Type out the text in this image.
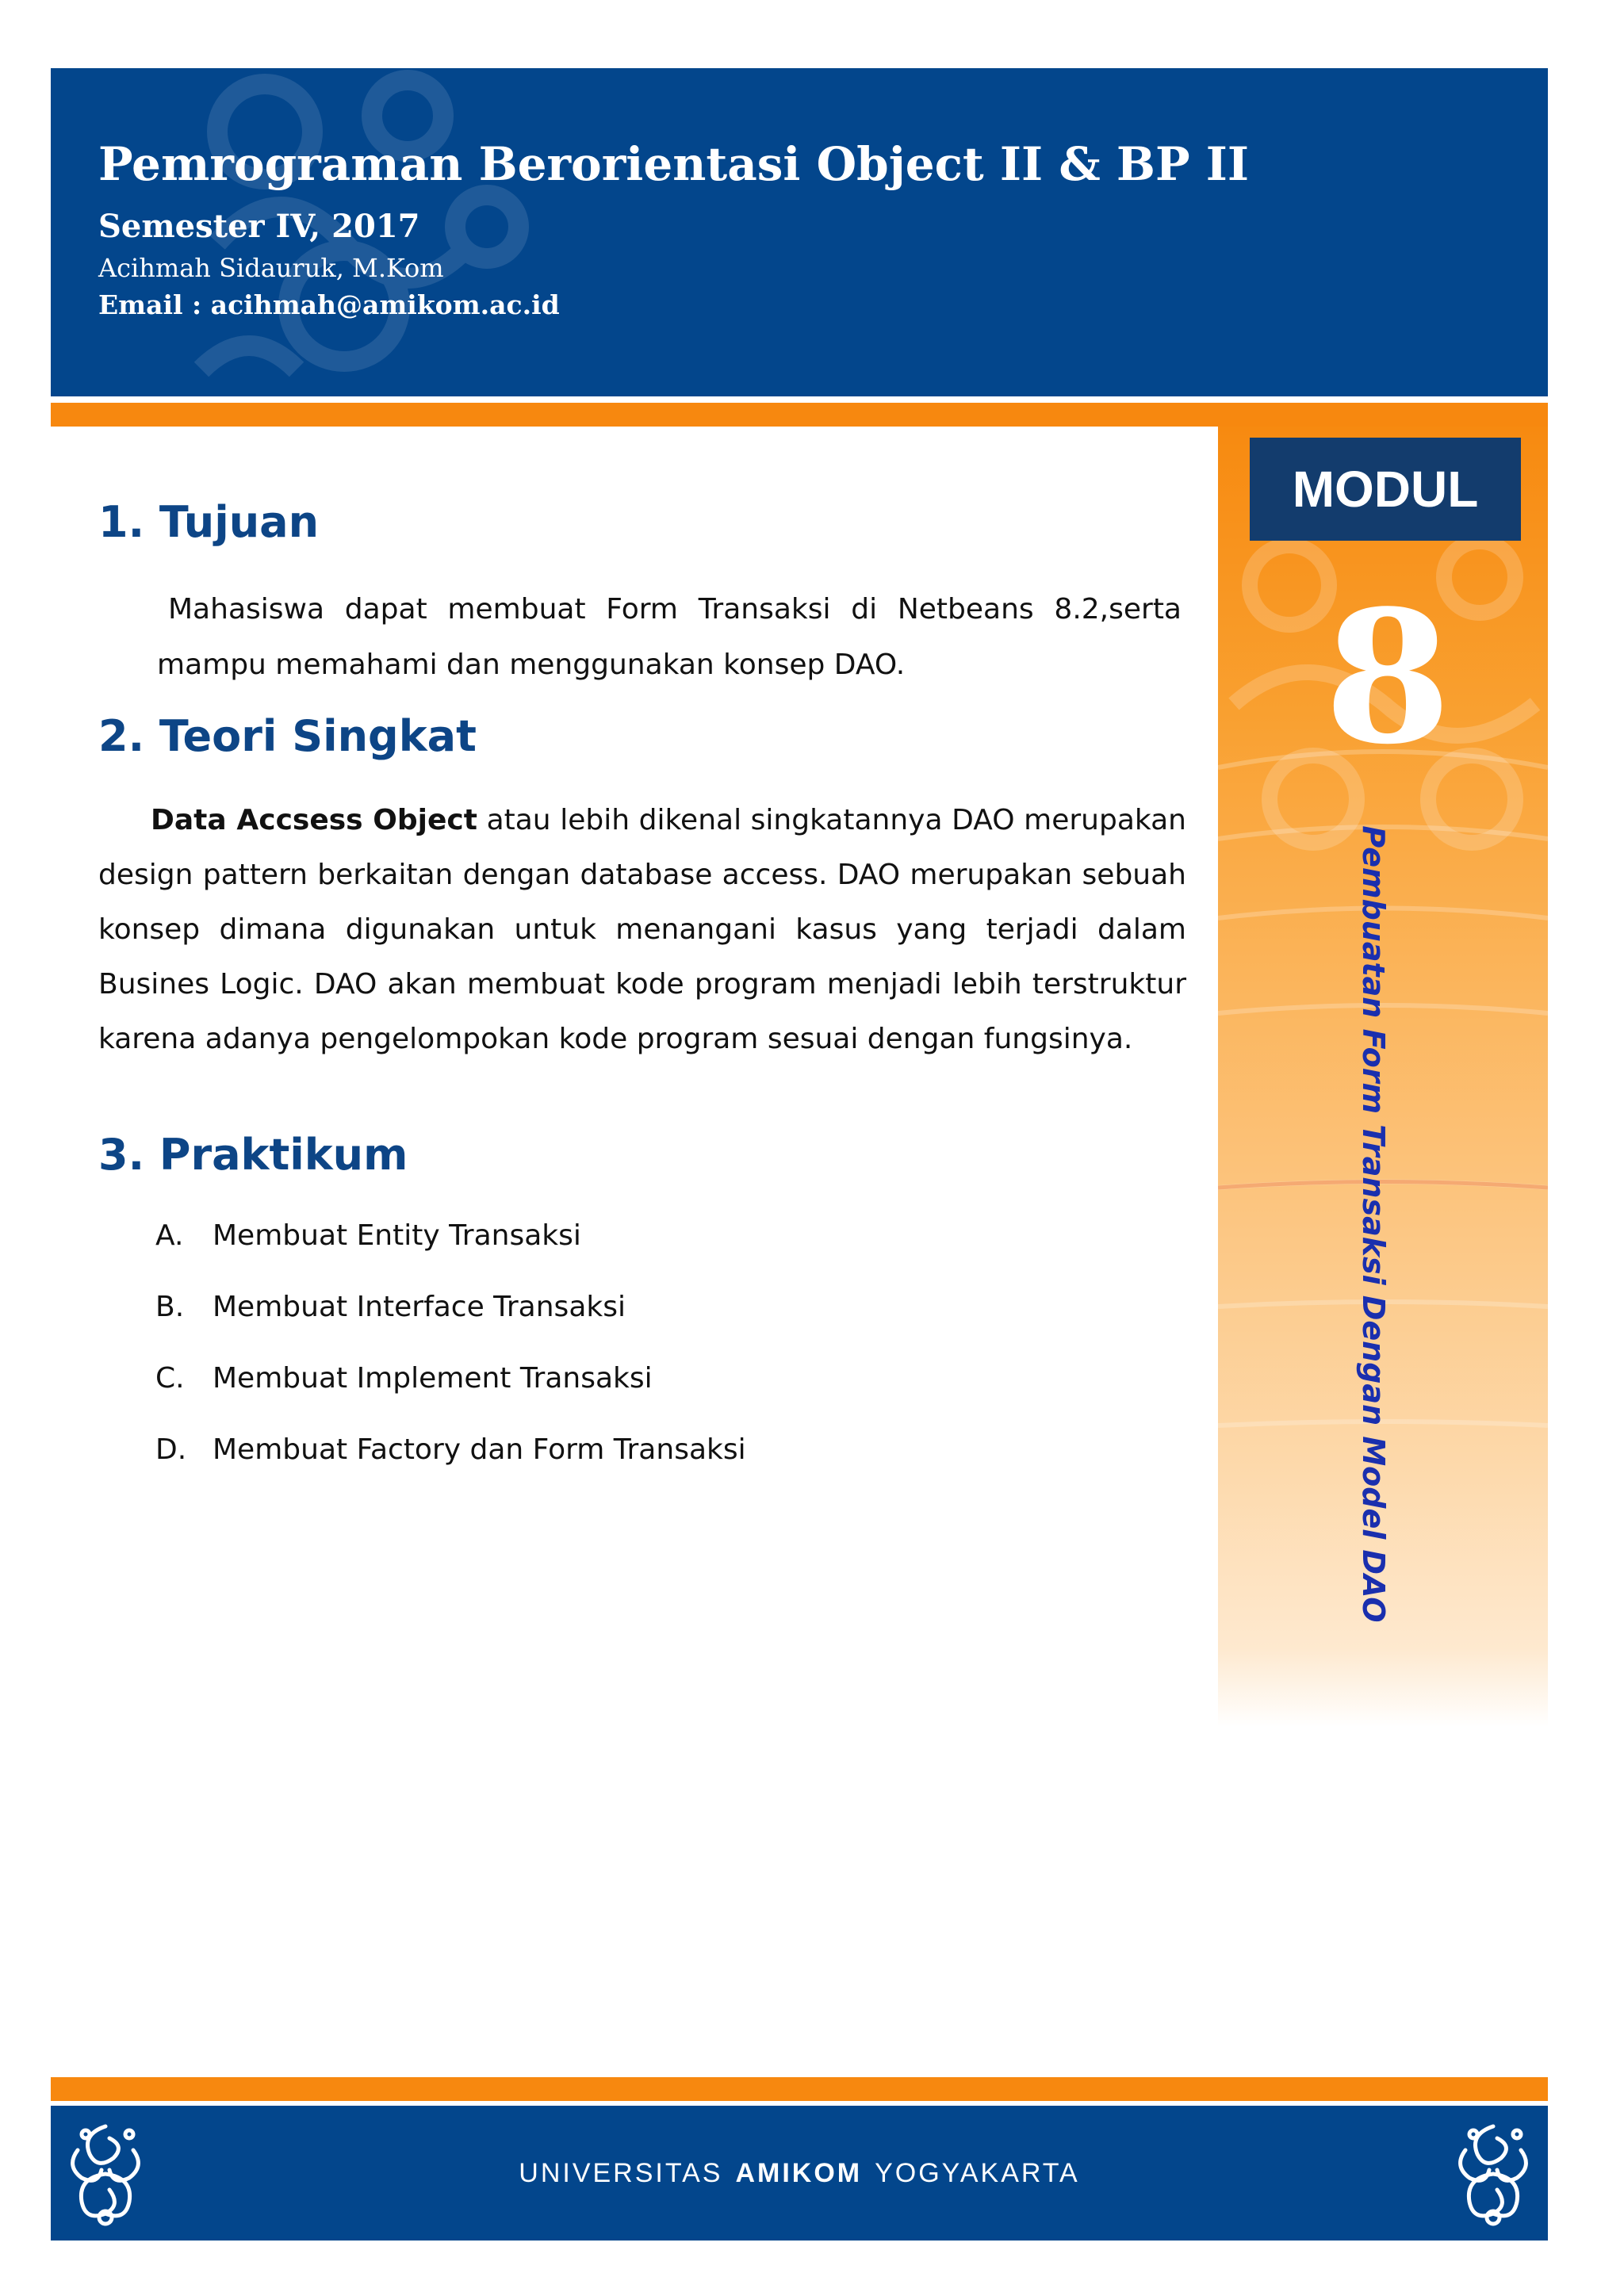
Pemrograman Berorientasi Object II & BP II
Semester IV, 2017
Acihmah Sidauruk, M.Kom
Email : acihmah@amikom.ac.id
MODUL
8
Pembuatan Form Transaksi Dengan Model DAO
1. Tujuan

Mahasiswa dapat membuat Form Transaksi di Netbeans 8.2,serta mampu memahami dan menggunakan konsep DAO.

2. Teori Singkat

Data Accsess Object atau lebih dikenal singkatannya DAO merupakan design pattern berkaitan dengan database access. DAO merupakan sebuah konsep dimana digunakan untuk menangani kasus yang terjadi dalam Busines Logic. DAO akan membuat kode program menjadi lebih terstruktur karena adanya pengelompokan kode program sesuai dengan fungsinya.

3. Praktikum
A.	Membuat Entity Transaksi
B. Membuat Interface Transaksi
C. Membuat Implement Transaksi
D. Membuat Factory dan Form Transaksi
UNIVERSITAS AMIKOM YOGYAKARTA
